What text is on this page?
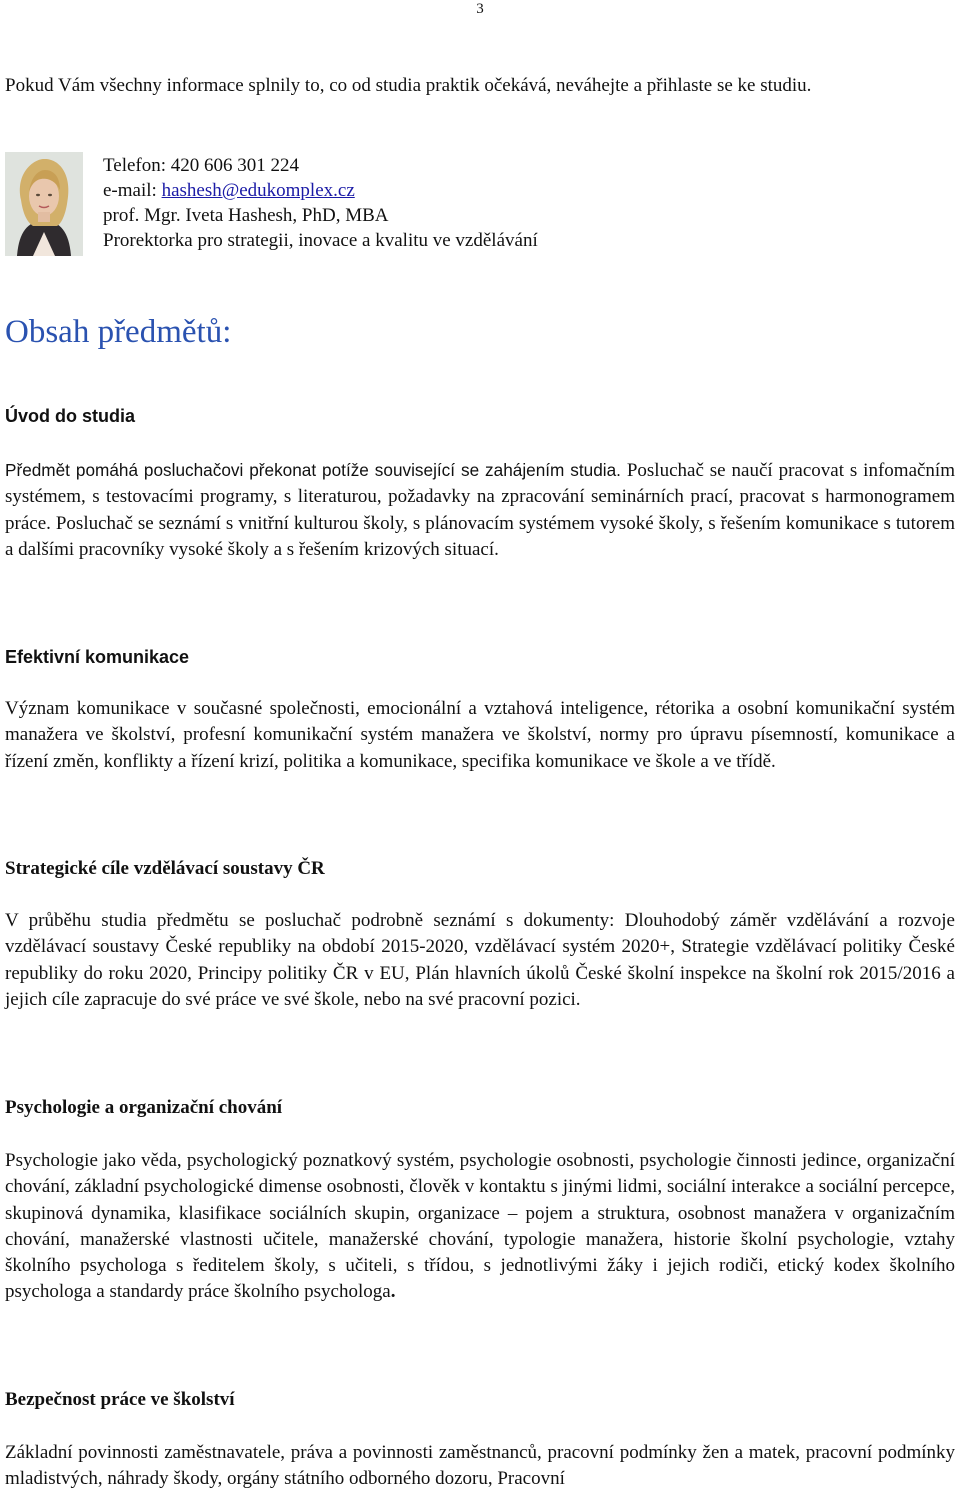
3

Pokud Vám všechny informace splnily to, co od studia praktik očekává, neváhejte a přihlaste se ke studiu.

Telefon: 420 606 301 224
e-mail: hashesh@edukomplex.cz
prof. Mgr. Iveta Hashesh, PhD, MBA
Prorektorka pro strategii, inovace a kvalitu ve vzdělávání
Obsah předmětů:
Úvod do studia

Předmět pomáhá posluchačovi překonat potíže související se zahájením studia. Posluchač se naučí pracovat s infomačním systémem, s testovacími programy, s literaturou, požadavky na zpracování seminárních prací, pracovat s harmonogramem práce. Posluchač se seznámí s vnitřní kulturou školy, s plánovacím systémem vysoké školy, s řešením komunikace s tutorem a dalšími pracovníky vysoké školy a s řešením krizových situací.

Efektivní komunikace

Význam komunikace v současné společnosti, emocionální a vztahová inteligence, rétorika a osobní komunikační systém manažera ve školství, profesní komunikační systém manažera ve školství, normy pro úpravu písemností, komunikace a řízení změn, konflikty a řízení krizí, politika a komunikace, specifika komunikace ve škole a ve třídě.

Strategické cíle vzdělávací soustavy ČR

V průběhu studia předmětu se posluchač podrobně seznámí s dokumenty: Dlouhodobý záměr vzdělávání a rozvoje vzdělávací soustavy České republiky na období 2015-2020, vzdělávací systém 2020+, Strategie vzdělávací politiky České republiky do roku 2020, Principy politiky ČR v EU, Plán hlavních úkolů České školní inspekce na školní rok 2015/2016 a jejich cíle zapracuje do své práce ve své škole, nebo na své pracovní pozici.

Psychologie a organizační chování

Psychologie jako věda, psychologický poznatkový systém, psychologie osobnosti, psychologie činnosti jedince, organizační chování, základní psychologické dimense osobnosti, člověk v kontaktu s jinými lidmi, sociální interakce a sociální percepce, skupinová dynamika, klasifikace sociálních skupin, organizace – pojem a struktura, osobnost manažera v organizačním chování, manažerské vlastnosti učitele, manažerské chování, typologie manažera, historie školní psychologie, vztahy školního psychologa s ředitelem školy, s učiteli, s třídou, s jednotlivými žáky i jejich rodiči, etický kodex školního psychologa a standardy práce školního psychologa.

Bezpečnost práce ve školství

Základní povinnosti zaměstnavatele, práva a povinnosti zaměstnanců, pracovní podmínky žen a matek, pracovní podmínky mladistvých, náhrady škody, orgány státního odborného dozoru, Pracovní
